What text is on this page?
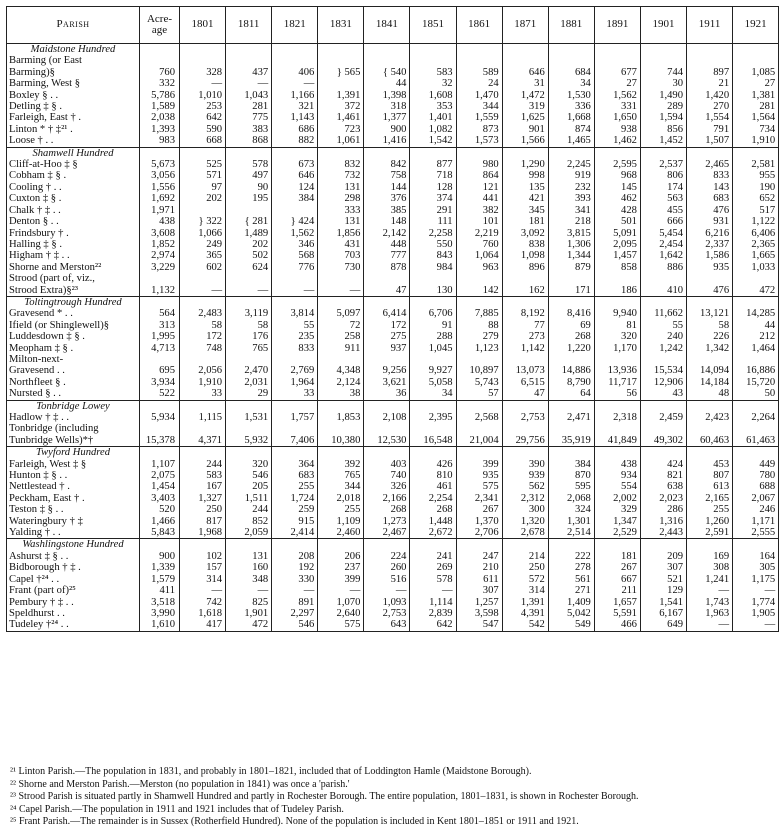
Parish	Acre-age	1801	1811	1821	1831	1841	1851	1861	1871	1881	1891	1901	1911	1921
Maidstone Hundred														
Barming (or East														
Barming)§	760	328	437	406	} 565	{ 540	583	589	646	684	677	744	897	1,085
Barming, West §	332	—	—	—		44	32	24	31	34	27	30	21	27
Boxley § . .	5,786	1,010	1,043	1,166	1,391	1,398	1,608	1,470	1,472	1,530	1,562	1,490	1,420	1,381
Detling ‡ § .	1,589	253	281	321	372	318	353	344	319	336	331	289	270	281
Farleigh, East † .	2,038	642	775	1,143	1,461	1,377	1,401	1,559	1,625	1,668	1,650	1,594	1,554	1,564
Linton * † ‡²¹ .	1,393	590	383	686	723	900	1,082	873	901	874	938	856	791	734
Loose † . .	983	668	868	882	1,061	1,416	1,542	1,573	1,566	1,465	1,462	1,452	1,507	1,910
Shamwell Hundred														
Cliff-at-Hoo ‡ §	5,673	525	578	673	832	842	877	980	1,290	2,245	2,595	2,537	2,465	2,581
Cobham ‡ § .	3,056	571	497	646	732	758	718	864	998	919	968	806	833	955
Cooling † . .	1,556	97	90	124	131	144	128	121	135	232	145	174	143	190
Cuxton ‡ § .	1,692	202	195	384	298	376	374	441	421	393	462	563	683	652
Chalk † ‡ . .	1,971				333	385	291	382	345	341	428	455	476	517
Denton § . .	438	} 322	{ 281	} 424	131	148	111	101	181	218	501	666	931	1,122
Frindsbury † .	3,608	1,066	1,489	1,562	1,856	2,142	2,258	2,219	3,092	3,815	5,091	5,454	6,216	6,406
Halling ‡ § .	1,852	249	202	346	431	448	550	760	838	1,306	2,095	2,454	2,337	2,365
Higham † ‡ . .	2,974	365	502	568	703	777	843	1,064	1,098	1,344	1,457	1,642	1,586	1,665
Shorne and Merston²²	3,229	602	624	776	730	878	984	963	896	879	858	886	935	1,033
Strood (part of, viz.,														
Strood Extra)§²³	1,132	—	—	—	—	47	130	142	162	171	186	410	476	472
Toltingtrough Hundred														
Gravesend * . .	564	2,483	3,119	3,814	5,097	6,414	6,706	7,885	8,192	8,416	9,940	11,662	13,121	14,285
Ifield (or Shinglewell)§	313	58	58	55	72	172	91	88	77	69	81	55	58	44
Luddesdown ‡ § .	1,995	172	176	235	258	275	288	279	273	268	320	240	226	212
Meopham ‡ § .	4,713	748	765	833	911	937	1,045	1,123	1,142	1,220	1,170	1,242	1,342	1,464
Milton-next-														
Gravesend . .	695	2,056	2,470	2,769	4,348	9,256	9,927	10,897	13,073	14,886	13,936	15,534	14,094	16,886
Northfleet § .	3,934	1,910	2,031	1,964	2,124	3,621	5,058	5,743	6,515	8,790	11,717	12,906	14,184	15,720
Nursted § . .	522	33	29	33	38	36	34	57	47	64	56	43	48	50
Tonbridge Lowey														
Hadlow † ‡ . .	5,934	1,115	1,531	1,757	1,853	2,108	2,395	2,568	2,753	2,471	2,318	2,459	2,423	2,264
Tonbridge (including														
Tunbridge Wells)*†	15,378	4,371	5,932	7,406	10,380	12,530	16,548	21,004	29,756	35,919	41,849	49,302	60,463	61,463
Twyford Hundred														
Farleigh, West ‡ §	1,107	244	320	364	392	403	426	399	390	384	438	424	453	449
Hunton ‡ § . .	2,075	583	546	683	765	740	810	935	939	870	934	821	807	780
Nettlestead † .	1,454	167	205	255	344	326	461	575	562	595	554	638	613	688
Peckham, East † .	3,403	1,327	1,511	1,724	2,018	2,166	2,254	2,341	2,312	2,068	2,002	2,023	2,165	2,067
Teston ‡ § . .	520	250	244	259	255	268	268	267	300	324	329	286	255	246
Wateringbury † ‡	1,466	817	852	915	1,109	1,273	1,448	1,370	1,320	1,301	1,347	1,316	1,260	1,171
Yalding † . .	5,843	1,968	2,059	2,414	2,460	2,467	2,672	2,706	2,678	2,514	2,529	2,443	2,591	2,555
Washlingstone Hundred														
Ashurst ‡ § . .	900	102	131	208	206	224	241	247	214	222	181	209	169	164
Bidborough † ‡ .	1,339	157	160	192	237	260	269	210	250	278	267	307	308	305
Capel †²⁴ . .	1,579	314	348	330	399	516	578	611	572	561	667	521	1,241	1,175
Frant (part of)²⁵	411	—	—	—	—	—	—	307	314	271	211	129	—	—
Pembury † ‡ . .	3,518	742	825	891	1,070	1,093	1,114	1,257	1,391	1,409	1,657	1,541	1,743	1,774
Speldhurst . .	3,990	1,618	1,901	2,297	2,640	2,753	2,839	3,598	4,391	5,042	5,591	6,167	1,963	1,905
Tudeley †²⁴ . .	1,610	417	472	546	575	643	642	547	542	549	466	649	—	—
²¹ Linton Parish.—The population in 1831, and probably in 1801–1821, included that of Loddington Hamle (Maidstone Borough).
²² Shorne and Merston Parish.—Merston (no population in 1841) was once a 'parish.'
²³ Strood Parish is situated partly in Shamwell Hundred and partly in Rochester Borough. The entire population, 1801–1831, is shown in Rochester Borough.
²⁴ Capel Parish.—The population in 1911 and 1921 includes that of Tudeley Parish.
²⁵ Frant Parish.—The remainder is in Sussex (Rotherfield Hundred). None of the population is included in Kent 1801–1851 or 1911 and 1921.
